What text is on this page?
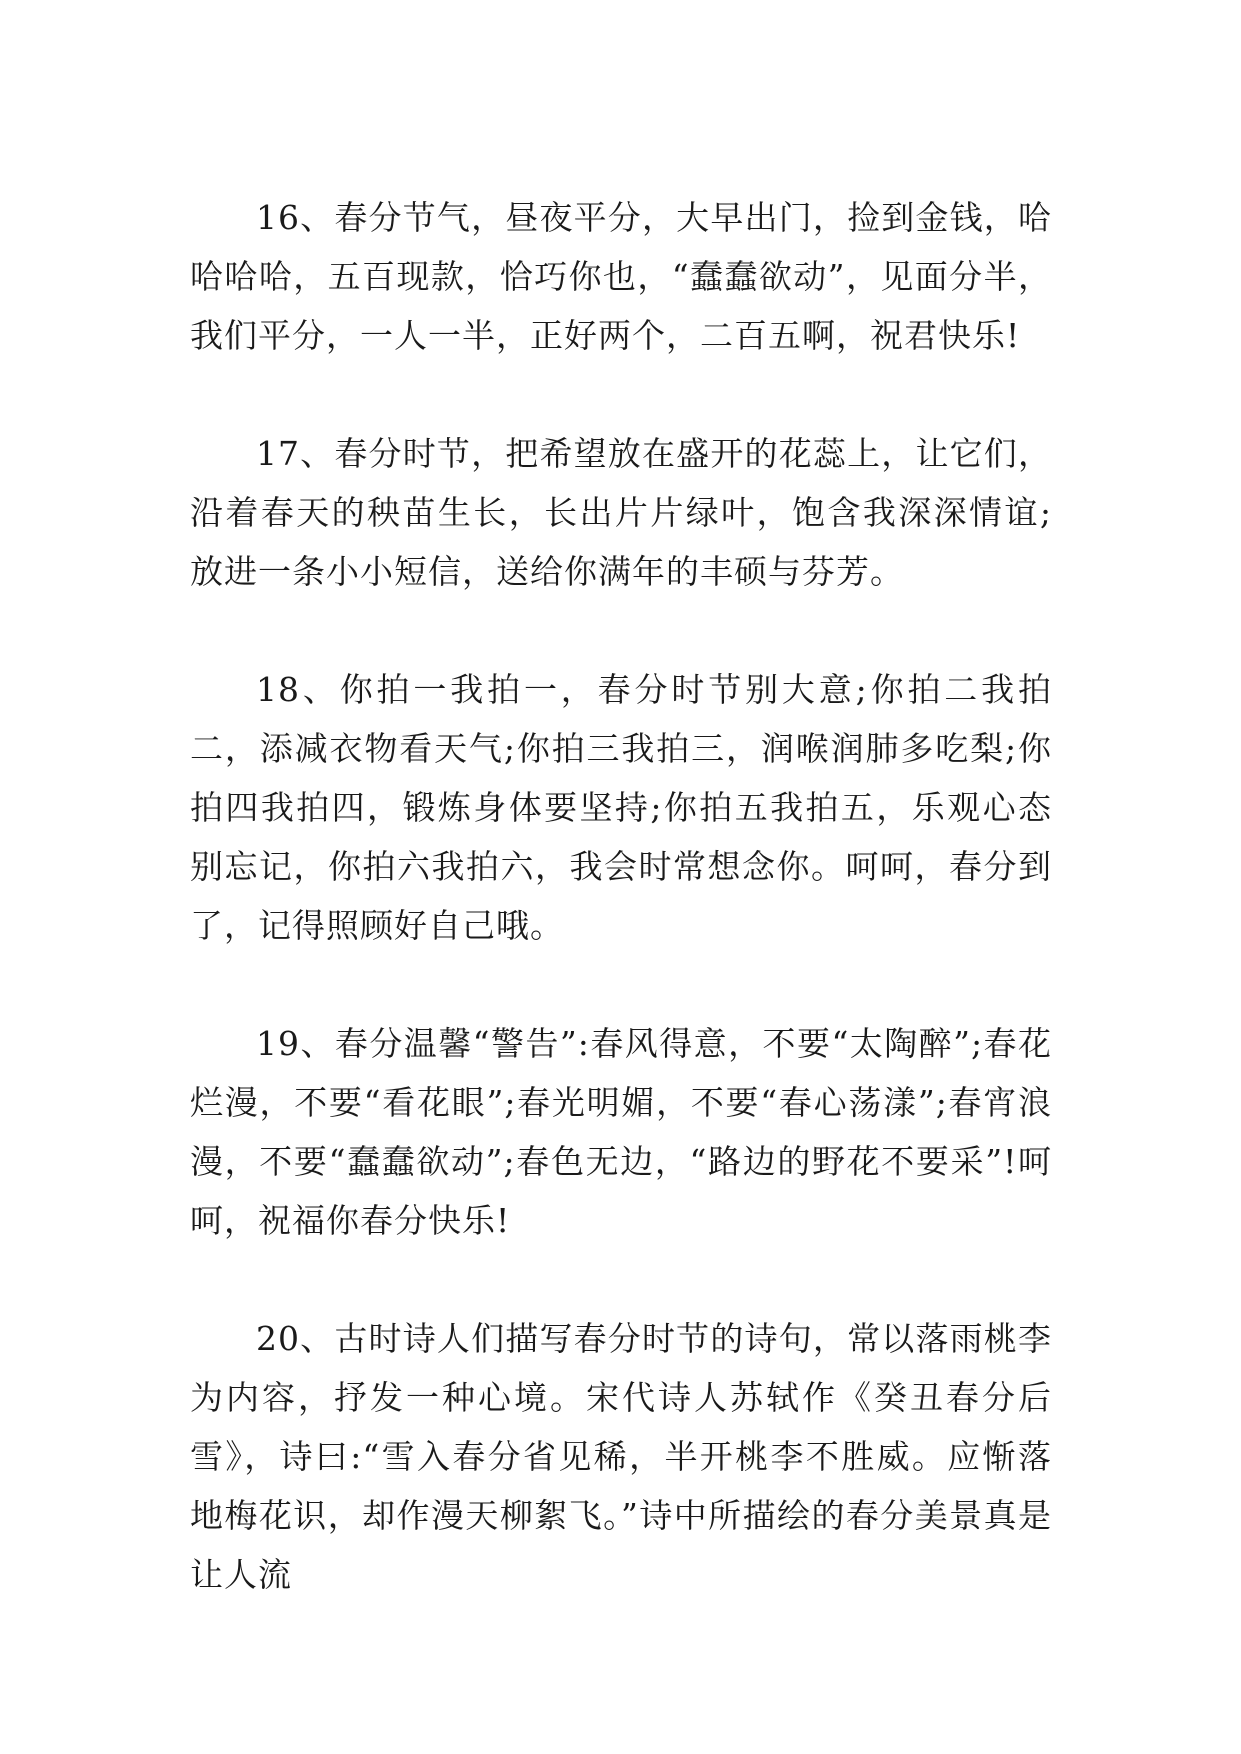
16、春分节气，昼夜平分，大早出门，捡到金钱，哈哈哈哈，五百现款，恰巧你也，“蠢蠢欲动”，见面分半，我们平分，一人一半，正好两个，二百五啊，祝君快乐!

17、春分时节，把希望放在盛开的花蕊上，让它们，沿着春天的秧苗生长，长出片片绿叶，饱含我深深情谊;放进一条小小短信，送给你满年的丰硕与芬芳。

18、你拍一我拍一，春分时节别大意;你拍二我拍二，添减衣物看天气;你拍三我拍三，润喉润肺多吃梨;你拍四我拍四，锻炼身体要坚持;你拍五我拍五，乐观心态别忘记，你拍六我拍六，我会时常想念你。呵呵，春分到了，记得照顾好自己哦。

19、春分温馨“警告”:春风得意，不要“太陶醉”;春花烂漫，不要“看花眼”;春光明媚，不要“春心荡漾”;春宵浪漫，不要“蠢蠢欲动”;春色无边，“路边的野花不要采”!呵呵，祝福你春分快乐!

20、古时诗人们描写春分时节的诗句，常以落雨桃李为内容，抒发一种心境。宋代诗人苏轼作《癸丑春分后雪》，诗曰:“雪入春分省见稀，半开桃李不胜威。应惭落地梅花识，却作漫天柳絮飞。”诗中所描绘的春分美景真是让人流
